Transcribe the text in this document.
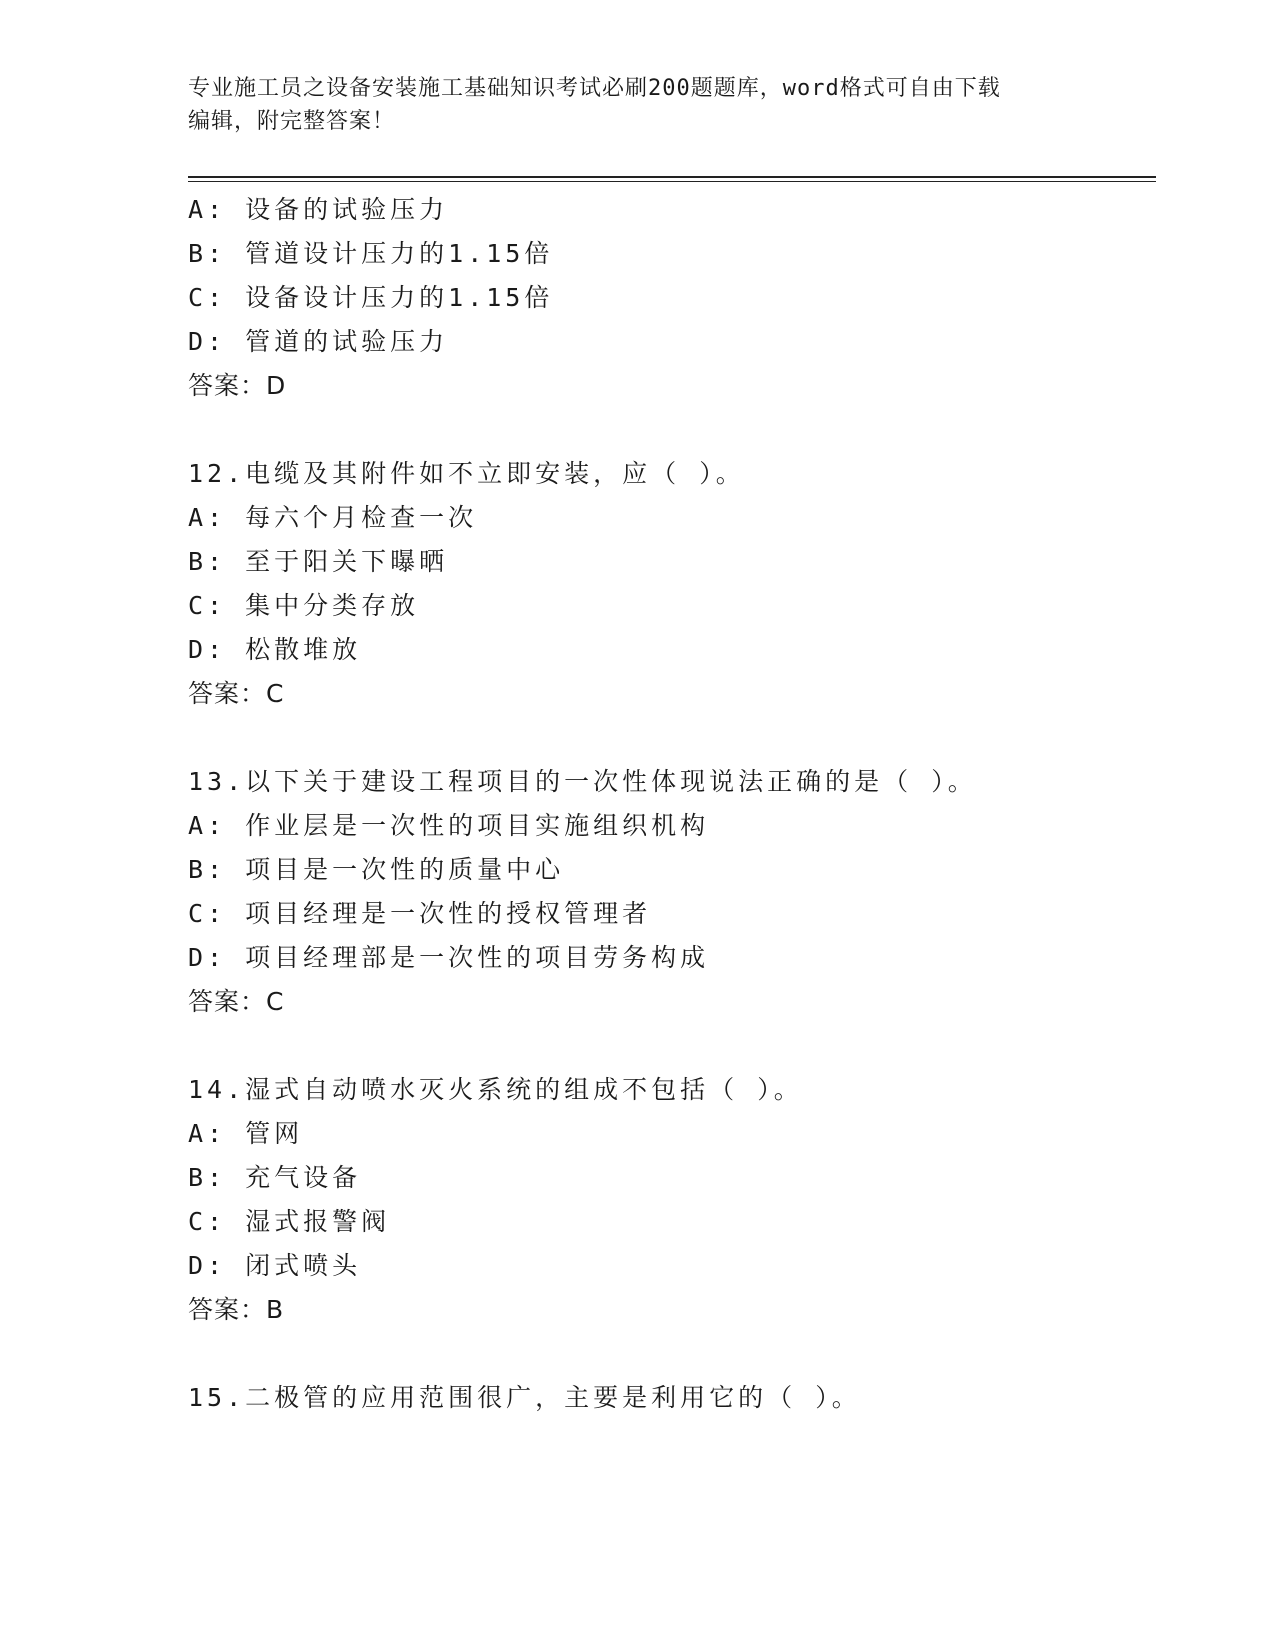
专业施工员之设备安装施工基础知识考试必刷200题题库，word格式可自由下载
编辑，附完整答案！
A: 设备的试验压力
B: 管道设计压力的1.15倍
C: 设备设计压力的1.15倍
D: 管道的试验压力
答案：D
12.电缆及其附件如不立即安装，应（ ）。
A: 每六个月检查一次
B: 至于阳关下曝晒
C: 集中分类存放
D: 松散堆放
答案：C
13.以下关于建设工程项目的一次性体现说法正确的是（ ）。
A: 作业层是一次性的项目实施组织机构
B: 项目是一次性的质量中心
C: 项目经理是一次性的授权管理者
D: 项目经理部是一次性的项目劳务构成
答案：C
14.湿式自动喷水灭火系统的组成不包括（ ）。
A: 管网
B: 充气设备
C: 湿式报警阀
D: 闭式喷头
答案：B
15.二极管的应用范围很广，主要是利用它的（ ）。
